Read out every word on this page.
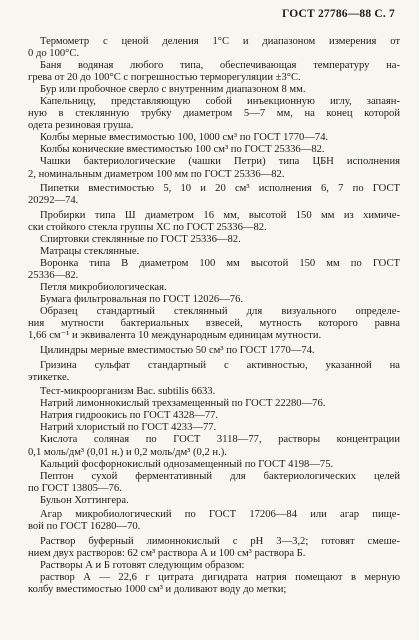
ГОСТ 27786—88 С. 7
Термометр с ценой деления 1°С и диапазоном измерения от
0 до 100°С.
Баня водяная любого типа, обеспечивающая температуру на-
грева от 20 до 100°С с погрешностью терморегуляции ±3°С.
Бур или пробочное сверло с внутренним диапазоном 8 мм.
Капельницу, представляющую собой инъекционную иглу, запаян-
ную в стеклянную трубку диаметром 5—7 мм, на конец которой
одета резиновая груша.
Колбы мерные вместимостью 100, 1000 см³ по ГОСТ 1770—74.
Колбы конические вместимостью 100 см³ по ГОСТ 25336—82.
Чашки бактериологические (чашки Петри) типа ЦБН исполнения
2, номинальным диаметром 100 мм по ГОСТ 25336—82.
Пипетки вместимостью 5, 10 и 20 см³ исполнения 6, 7 по ГОСТ
20292—74.
Пробирки типа Ш диаметром 16 мм, высотой 150 мм из химиче-
ски стойкого стекла группы ХС по ГОСТ 25336—82.
Спиртовки стеклянные по ГОСТ 25336—82.
Матрацы стеклянные.
Воронка типа В диаметром 100 мм высотой 150 мм по ГОСТ
25336—82.
Петля микробиологическая.
Бумага фильтровальная по ГОСТ 12026—76.
Образец стандартный стеклянный для визуального определе-
ния мутности бактериальных взвесей, мутность которого равна
1,66 см⁻¹ и эквивалента 10 международным единицам мутности.
Цилиндры мерные вместимостью 50 см³ по ГОСТ 1770—74.
Гризина сульфат стандартный с активностью, указанной на
этикетке.
Тест-микроорганизм Bac. subtilis 6633.
Натрий лимоннокислый трехзамещенный по ГОСТ 22280—76.
Натрия гидроокись по ГОСТ 4328—77.
Натрий хлористый по ГОСТ 4233—77.
Кислота соляная по ГОСТ 3118—77, растворы концентрации
0,1 моль/дм³ (0,01 н.) и 0,2 моль/дм³ (0,2 н.).
Кальций фосфорнокислый однозамещенный по ГОСТ 4198—75.
Пептон сухой ферментативный для бактериологических целей
по ГОСТ 13805—76.
Бульон Хоттингера.
Агар микробиологический по ГОСТ 17206—84 или агар пище-
вой по ГОСТ 16280—70.
Раствор буферный лимоннокислый с рН 3—3,2; готовят смеше-
нием двух растворов: 62 см³ раствора А и 100 см³ раствора Б.
Растворы А и Б готовят следующим образом:
раствор А — 22,6 г цитрата дигидрата натрия помещают в мерную
колбу вместимостью 1000 см³ и доливают воду до метки;
